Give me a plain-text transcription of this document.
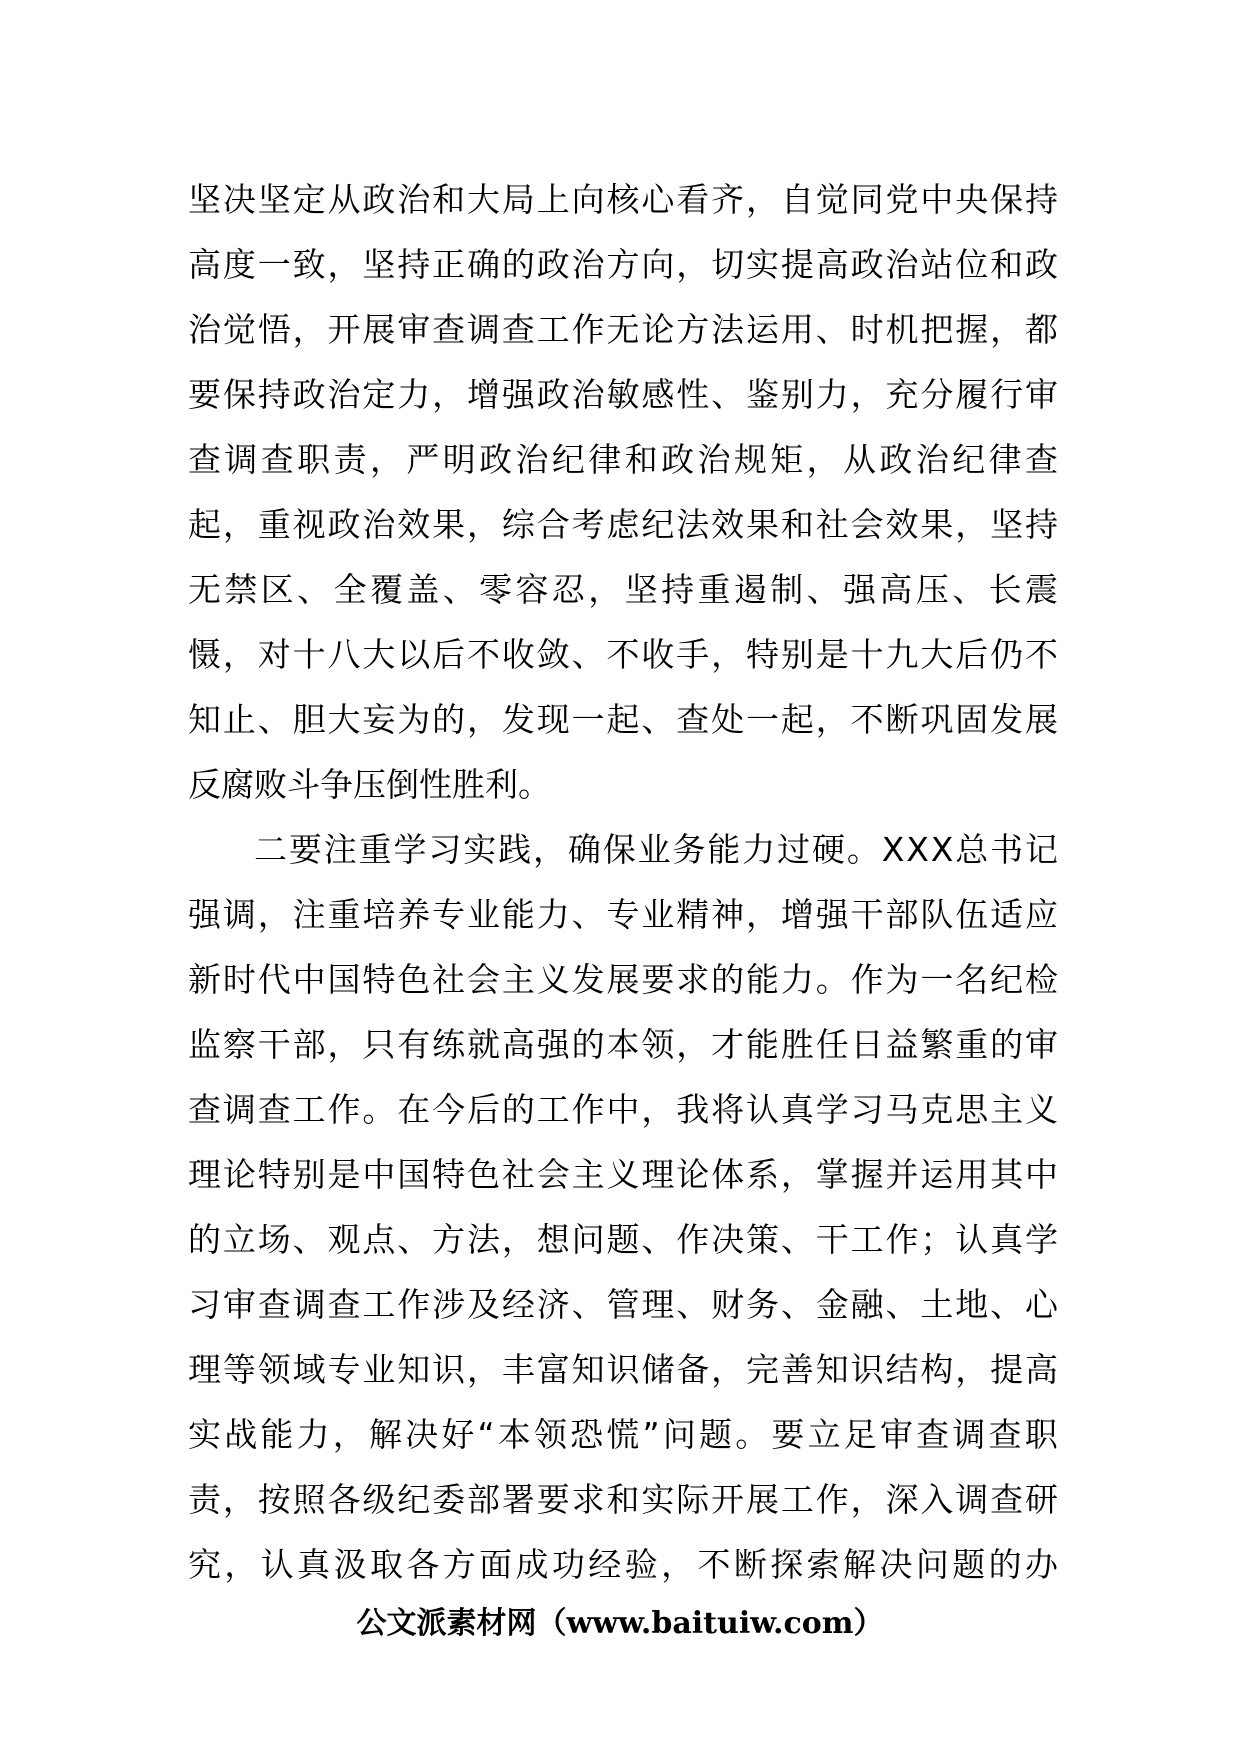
坚 决 坚 定 从 政 治 和 大 局 上 向 核 心 看 齐 ， 自 觉 同 党 中 央 保 持
高 度 一 致 ， 坚 持 正 确 的 政 治 方 向 ， 切 实 提 高 政 治 站 位 和 政
治 觉 悟 ， 开 展 审 查 调 查 工 作 无 论 方 法 运 用 、 时 机 把 握 ， 都
要 保 持 政 治 定 力 ， 增 强 政 治 敏 感 性 、 鉴 别 力 ， 充 分 履 行 审
查 调 查 职 责 ， 严 明 政 治 纪 律 和 政 治 规 矩 ， 从 政 治 纪 律 查
起 ， 重 视 政 治 效 果 ， 综 合 考 虑 纪 法 效 果 和 社 会 效 果 ， 坚 持
无 禁 区 、 全 覆 盖 、 零 容 忍 ， 坚 持 重 遏 制 、 强 高 压 、 长 震
慑 ， 对 十 八 大 以 后 不 收 敛 、 不 收 手 ， 特 别 是 十 九 大 后 仍 不
知 止 、 胆 大 妄 为 的 ， 发 现 一 起 、 查 处 一 起 ， 不 断 巩 固 发 展
反腐败斗争压倒性胜利。
二 要 注 重 学 习 实 践 ， 确 保 业 务 能 力 过 硬 。 X X X 总 书 记
强 调 ， 注 重 培 养 专 业 能 力 、 专 业 精 神 ， 增 强 干 部 队 伍 适 应
新 时 代 中 国 特 色 社 会 主 义 发 展 要 求 的 能 力 。 作 为 一 名 纪 检
监 察 干 部 ， 只 有 练 就 高 强 的 本 领 ， 才 能 胜 任 日 益 繁 重 的 审
查 调 查 工 作 。 在 今 后 的 工 作 中 ， 我 将 认 真 学 习 马 克 思 主 义
理 论 特 别 是 中 国 特 色 社 会 主 义 理 论 体 系 ， 掌 握 并 运 用 其 中
的 立 场 、 观 点 、 方 法 ， 想 问 题 、 作 决 策 、 干 工 作 ； 认 真 学
习 审 查 调 查 工 作 涉 及 经 济 、 管 理 、 财 务 、 金 融 、 土 地 、 心
理 等 领 域 专 业 知 识 ， 丰 富 知 识 储 备 ， 完 善 知 识 结 构 ， 提 高
实 战 能 力 ， 解 决 好 “ 本 领 恐 慌 ” 问 题 。 要 立 足 审 查 调 查 职
责 ， 按 照 各 级 纪 委 部 署 要 求 和 实 际 开 展 工 作 ， 深 入 调 查 研
究 ， 认 真 汲 取 各 方 面 成 功 经 验 ， 不 断 探 索 解 决 问 题 的 办
公文派素材网（www.baituiw.com）
